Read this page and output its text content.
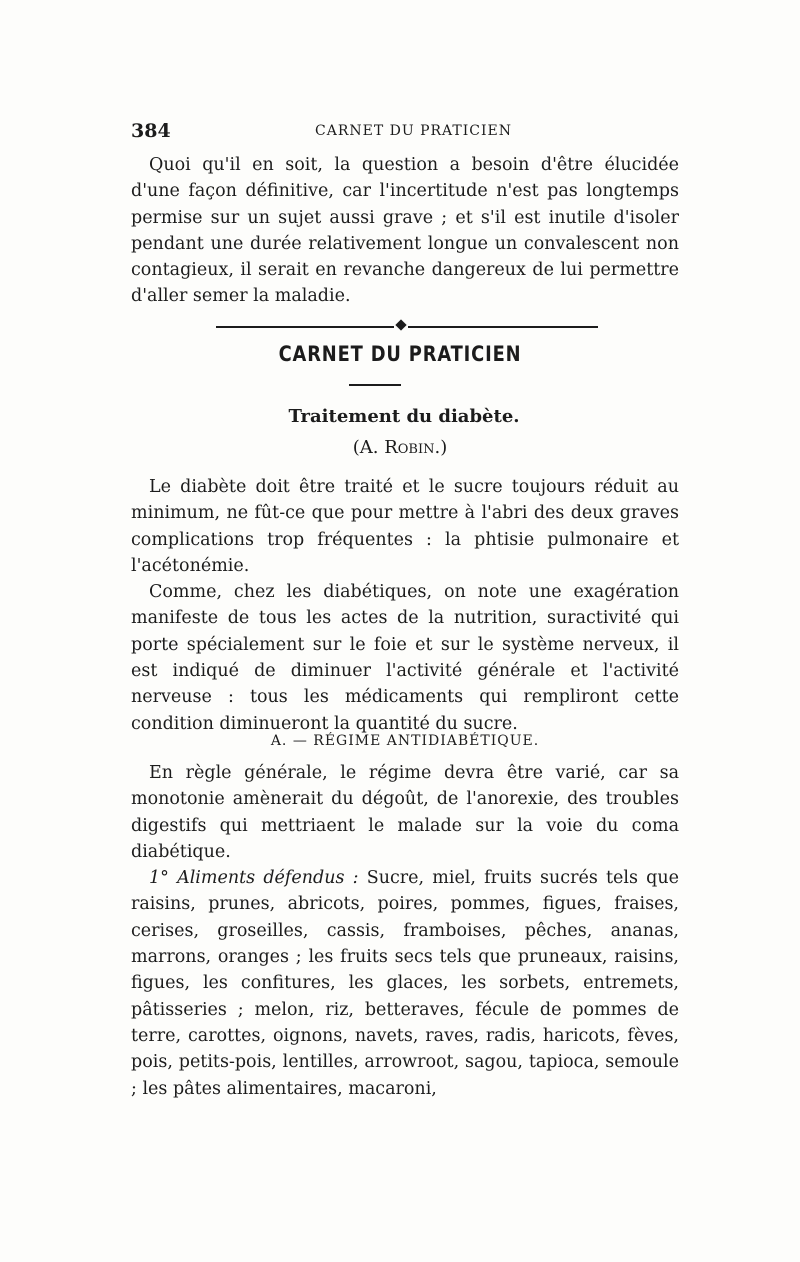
384	CARNET DU PRATICIEN

Quoi qu'il en soit, la question a besoin d'être élucidée d'une façon définitive, car l'incertitude n'est pas longtemps permise sur un sujet aussi grave ; et s'il est inutile d'isoler pendant une durée relativement longue un convalescent non contagieux, il serait en revanche dangereux de lui permettre d'aller semer la maladie.

CARNET DU PRATICIEN
Traitement du diabète.
(A. Robin.)

Le diabète doit être traité et le sucre toujours réduit au minimum, ne fût-ce que pour mettre à l'abri des deux graves complications trop fréquentes : la phtisie pulmonaire et l'acétonémie.

Comme, chez les diabétiques, on note une exagération manifeste de tous les actes de la nutrition, suractivité qui porte spécialement sur le foie et sur le système nerveux, il est indiqué de diminuer l'activité générale et l'activité nerveuse : tous les médicaments qui rempliront cette condition diminueront la quantité du sucre.

A. — RÉGIME ANTIDIABÉTIQUE.

En règle générale, le régime devra être varié, car sa monotonie amènerait du dégoût, de l'anorexie, des troubles digestifs qui mettriaent le malade sur la voie du coma diabétique.

1° Aliments défendus : Sucre, miel, fruits sucrés tels que raisins, prunes, abricots, poires, pommes, figues, fraises, cerises, groseilles, cassis, framboises, pêches, ananas, marrons, oranges ; les fruits secs tels que pruneaux, raisins, figues, les confitures, les glaces, les sorbets, entremets, pâtisseries ; melon, riz, betteraves, fécule de pommes de terre, carottes, oignons, navets, raves, radis, haricots, fèves, pois, petits-pois, lentilles, arrowroot, sagou, tapioca, semoule ; les pâtes alimentaires, macaroni,
